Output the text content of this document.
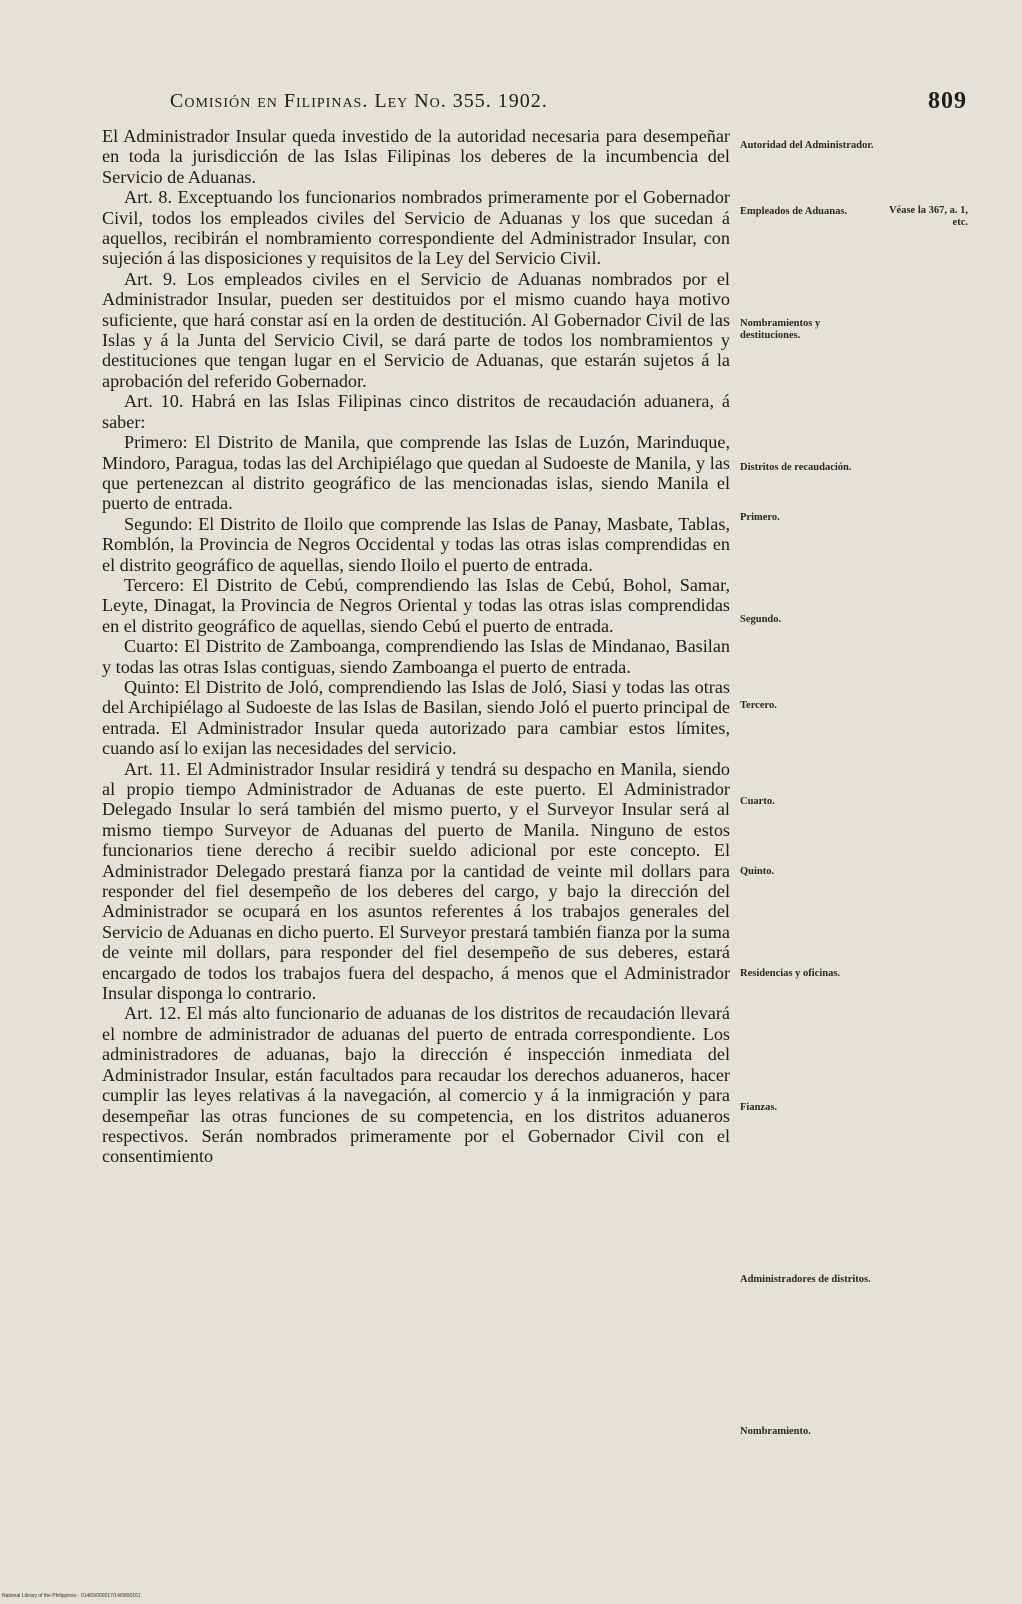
Comisión en Filipinas. Ley No. 355. 1902.	809

El Administrador Insular queda investido de la autoridad necesaria para desempeñar en toda la jurisdicción de las Islas Filipinas los deberes de la incumbencia del Servicio de Aduanas.

Art. 8. Exceptuando los funcionarios nombrados primeramente por el Gobernador Civil, todos los empleados civiles del Servicio de Aduanas y los que sucedan á aquellos, recibirán el nombramiento correspondiente del Administrador Insular, con sujeción á las disposiciones y requisitos de la Ley del Servicio Civil.

Art. 9. Los empleados civiles en el Servicio de Aduanas nombrados por el Administrador Insular, pueden ser destituidos por el mismo cuando haya motivo suficiente, que hará constar así en la orden de destitución. Al Gobernador Civil de las Islas y á la Junta del Servicio Civil, se dará parte de todos los nombramientos y destituciones que tengan lugar en el Servicio de Aduanas, que estarán sujetos á la aprobación del referido Gobernador.

Art. 10. Habrá en las Islas Filipinas cinco distritos de recaudación aduanera, á saber:

Primero: El Distrito de Manila, que comprende las Islas de Luzón, Marinduque, Mindoro, Paragua, todas las del Archipiélago que quedan al Sudoeste de Manila, y las que pertenezcan al distrito geográfico de las mencionadas islas, siendo Manila el puerto de entrada.

Segundo: El Distrito de Iloilo que comprende las Islas de Panay, Masbate, Tablas, Romblón, la Provincia de Negros Occidental y todas las otras islas comprendidas en el distrito geográfico de aquellas, siendo Iloilo el puerto de entrada.

Tercero: El Distrito de Cebú, comprendiendo las Islas de Cebú, Bohol, Samar, Leyte, Dinagat, la Provincia de Negros Oriental y todas las otras islas comprendidas en el distrito geográfico de aquellas, siendo Cebú el puerto de entrada.

Cuarto: El Distrito de Zamboanga, comprendiendo las Islas de Mindanao, Basilan y todas las otras Islas contiguas, siendo Zamboanga el puerto de entrada.

Quinto: El Distrito de Joló, comprendiendo las Islas de Joló, Siasi y todas las otras del Archipiélago al Sudoeste de las Islas de Basilan, siendo Joló el puerto principal de entrada. El Administrador Insular queda autorizado para cambiar estos límites, cuando así lo exijan las necesidades del servicio.

Art. 11. El Administrador Insular residirá y tendrá su despacho en Manila, siendo al propio tiempo Administrador de Aduanas de este puerto. El Administrador Delegado Insular lo será también del mismo puerto, y el Surveyor Insular será al mismo tiempo Surveyor de Aduanas del puerto de Manila. Ninguno de estos funcionarios tiene derecho á recibir sueldo adicional por este concepto. El Administrador Delegado prestará fianza por la cantidad de veinte mil dollars para responder del fiel desempeño de los deberes del cargo, y bajo la dirección del Administrador se ocupará en los asuntos referentes á los trabajos generales del Servicio de Aduanas en dicho puerto. El Surveyor prestará también fianza por la suma de veinte mil dollars, para responder del fiel desempeño de sus deberes, estará encargado de todos los trabajos fuera del despacho, á menos que el Administrador Insular disponga lo contrario.

Art. 12. El más alto funcionario de aduanas de los distritos de recaudación llevará el nombre de administrador de aduanas del puerto de entrada correspondiente. Los administradores de aduanas, bajo la dirección é inspección inmediata del Administrador Insular, están facultados para recaudar los derechos aduaneros, hacer cumplir las leyes relativas á la navegación, al comercio y á la inmigración y para desempeñar las otras funciones de su competencia, en los distritos aduaneros respectivos. Serán nombrados primeramente por el Gobernador Civil con el consentimiento

Autoridad del Administrador.
Empleados de Aduanas.	Véase la 367, a. 1, etc.
Nombramientos y destituciones.
Distritos de recaudación.
Primero.
Segundo.
Tercero.
Cuarto.
Quinto.
Residencias y oficinas.
Fianzas.
Administradores de distritos.
Nombramiento.
National Library of the Philippines · 01469/000017/14/0890161
